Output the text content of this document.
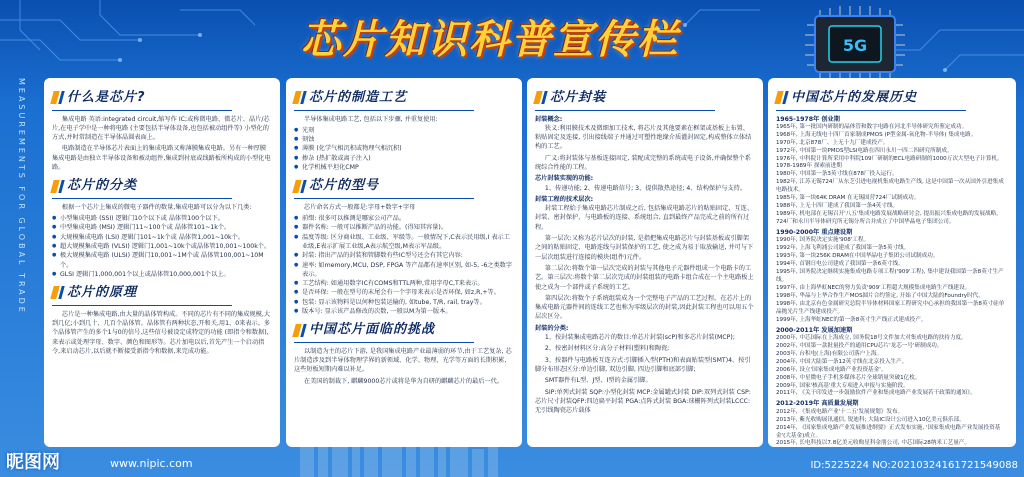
芯片知识科普宣传栏	5G
MEASUREMENTS FOR GLOBAL TRADE	什么是芯片?

集成电路 英语:integrated circuit,缩写作 IC;或称微电路、微芯片、晶片/芯片,在电子学中是一种将电路 (主要包括半导体设备,也包括被动组件等) 小型化的方式,并时常制造在半导体晶圆表面上。

电路制造在半导体芯片表面上的集成电路又称薄膜集成电路。另有一种厚膜集成电路是由独立半导体设备和被动组件,集成到衬底或线路板所构成的小型化电路。

芯片的分类

根据一个芯片上集成的微电子器件的数量,集成电路可以分为以下几类:

● 小型集成电路 (SSI) 逻辑门10个以下或 晶体管100个以下。
● 中型集成电路 (MSI) 逻辑门11~100个或 晶体管101~1k个。
● 大规模集成电路 (LSI) 逻辑门101~1k个或 晶体管1,001~10k个。
● 超大规模集成电路 (VLSI) 逻辑门1,001~10k个或晶体管10,001~100k个。
● 极大规模集成电路 (ULSI) 逻辑门10,001~1M个或 晶体管100,001~10M个。
● GLSI 逻辑门1,000,001个以上或晶体管10,000,001个以上。
芯片的原理

芯片是一种集成电路,由大量的晶体管构成。不同的芯片有不同的集成规模,大到几亿;小到几十、几百个晶体管。晶体管有两种状态,开和关,用1、0来表示。多个晶体管产生的多个1与0的信号,这些信号被设定成特定的功能 (即指令和数据),来表示或处理字母、数字、颜色和图形等。芯片加电以后,首先产生一个启动指令,来启动芯片,以后就不断接受新指令和数据,来完成功能。

芯片的制造工艺

半导体集成电路工艺, 包括以下步骤, 并重复使用:

● 光刻
● 刻蚀
● 薄膜 (化学气相沉积或物理气相沉积)
● 掺杂 (热扩散或离子注入)
● 化学机械平坦化CMP
芯片的型号

芯片命名方式一般都是:字母+数字+字母

● 前缀: 很多可以推测是哪家公司产品。
● 器件名称: 一般可以推断产品的功能。(得知其容量)。
● 温度等级: 区分商业级、工业级、军级等。一般情况下,C表示民用级,I 表示工业级,E表示扩展工业级,A表示航空级,M表示军品级。
● 封装: 指出产品的封装和管脚数有些IC型号还会有其它内容:
● 速率: 如memory,MCU, DSP, FPGA 等产品都有速率区别, 如-5, -6之类数字表示。
● 工艺结构: 如通用数字IC有COMS和TTL两种,常用字母C,T来表示。
● 是否环保: 一般在型号的末尾会有一个字母来表示是否环保, 如z,R,+等。
● 包装: 显示该物料是以何种包装运输的, 如tube, T/R, rail, tray等。
● 版本号: 显示该产品修改的次数, 一般以M为第一版本。
中国芯片面临的挑战

以制造为主的芯片下游, 是我国集成电路产业最薄弱的环节,由于工艺复杂, 芯片制造涉及到半导体物理学界的新领域、化学、物理、光学等方面的长期积累, 这些短板短期内难以补足。

在美国的制裁下, 麒麟9000芯片或将是华为自研的麒麟芯片的最后一代。

芯片封装
封装概念:

狭义:利用膜技术及微细加工技术, 将芯片及其他要素在框架或基板上布置、粘贴固定及连接, 引出接线端子并通过可塑性绝缘介质灌封固定,构成整体立体结构的工艺。

广义:将封装体与基板连接固定, 装配成完整的系统或电子设备,并确保整个系统综合性能的工程。

芯片封装实现的功能:

1、传递功能; 2、传递电路信号; 3、提供散热途径; 4、结构保护与支持。

封装工程的技术层次:

封装工程始于集成电路芯片制成之后, 包括集成电路芯片的粘贴固定、互连、封装、密封保护、与电路板的连接、系统组合, 直到最终产品完成之前的所有过程。

第一层次:又称为芯片层次的封装, 是指把集成电路芯片与封装基板或引脚架之间的粘贴固定、电路连线与封装保护的工艺, 使之成为易于取放输送, 并可与下一层次组装进行连接的模块(组件)元件。

第二层次:将数个第一层次完成的封装与其他电子元器件组成一个电路卡的工艺。第三层次:将数个第二层次完成的封装组装的电路卡组合成在一个主电路板上使之成为一个部件或子系统的工艺。

第四层次:将数个子系统组装成为一个完整电子产品的工艺过程。在芯片上的集成电路元器件间的连线工艺也称为零级层次的封装,因此封装工程也可以用五个层次区分。

封装的分类:

1、按封装集成电路芯片的数目:单芯片封装(scP)和多芯片封装(MCP);

2、按密封材料区分:高分子材料(塑料)和陶瓷;

3、按器件与电路板互连方式:引脚插入型(PTH)和表面贴装型(SMT)4、按引脚分布形态区分:单边引脚, 双边引脚, 四边引脚和底部引脚;

SMT器件有L型、J型、I型的金属引脚。

SIP:单列式封装 SQP:小型化封装 MCP:金属罐式封装 DIP:双列式封装 CSP:芯片尺寸封装QFP:四边扁平封装 PGA:点阵式封装 BGA:球栅阵列式封装LCCC:无引线陶瓷芯片载体

中国芯片的发展历史
1965-1978年 创业期
1965年, 第一批国内研制的晶体管和数字电路在河北半导体研究所鉴定成功。
1968年, 上海无线电十四厂首家制成PMOS (P型金属-氧化物-半导体) 集成电路。
1970年, 北京878厂、上无十九厂建成投产。
1972年, 中国第一块PMOS型LSI电路在四川永川一四二四研究所制成。
1976年, 中科院计算所采用中科院109厂研制的ECL电路研制的1000万次大型电子计算机。
1978-1989年 探索前进期
1980年, 中国第一条3英寸线在878厂投入运行。
1982年, 江苏无锡724厂从东芝引进电视机集成电路生产线, 这是中国第一次从国外引进集成电路技术。
1985年, 第一块64K DRAM 在无锡国营724厂试制成功。
1988年, 上无十四厂建成了我国第一条4英寸线。
1989年, 机电部在无锡召开'八五'集成电路发展战略研讨会, 提出振兴集成电路的发展战略。
724厂和永川半导体研究所无锡分所合并成立了中国华晶电子集团公司。
1990-2000年 重点建设期
1990年, 国务院决定实施'908'工程。
1992年, 上海飞利浦公司建成了我国第一条5英寸线。
1993年, 第一块256K DRAM在中国华晶电子集团公司试制成功。
1994年, 首钢日电公司建成了我国第一条6英寸线。
1995年, 国务院决定继续实施集成电路专项工程('909'工程), 集中建设我国第一条8英寸生产线。
1997年, 由上海华虹NEC的努力负责'909'工程超大规模集成电路生产线建设。
1998年, 华晶与上华合作生产MOS圆片合约签定, 开始了中国大陆的Foundry时代。
1998年, 由北京有色金属研究总院半导体材料国家工程研究中心承担的我国第一条8英寸硅单晶抛光片生产线建成投产。
1999年, 上海华虹NEC的第一条8英寸生产线正式建成投产。
2000-2011年 发展加速期
2000年, 中芯国际在上海成立, 国务院18号文件加大对集成电路的扶持力度。
2002年, 中国第一款批量投产的通用CPU芯片'龙芯一号'研制成功。
2003年, 台积电(上海)有限公司落户上海。
2004年, 中国大陆第一条12英寸线在北京投入生产。
2006年, 设立'国家集成电路产业投资基金'。
2008年, 中星微电子手机多媒体芯片全球销量突破1亿枚。
2009年, 国家'核高基'重大专项进入申报与实施阶段。
2011年, 《关于印发进一步鼓励软件产业和集成电路产业发展若干政策的通知》。
2012-2019年 高质量发展期
2012年, 《集成电路产业'十二五'发展规划》发布。
2013年, 紫光收购展讯通信, 锐迪科; 大陆IC设计公司进入10亿美元俱乐部。
2014年, 《国家集成电路产业发展推进纲要》正式发布实施, '国家集成电路产业发展投资基金'(大基金)成立。
2015年, 长电科技以7.8亿美元收购星科金朋公司, 中芯国际28纳米工艺量产。
昵图网	www.nipic.com	ID:5225224 NO:20210324161721549088
